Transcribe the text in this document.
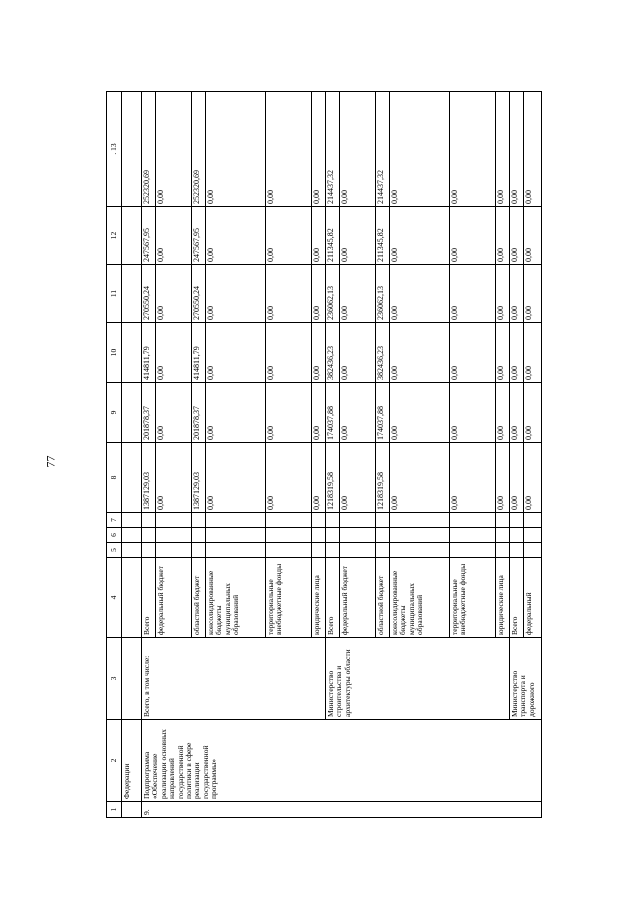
77
1	2	3	4	5	6	7	8	9	10	11	12	. 13
	Федерации											
9.	Подпрограмма «Обеспечение реализации основных направлений государственной политики в сфере реализации государственной программы»	Всего, в том числе:	Всего				1387129,03	201878,37	414811,79	270550,24	247567,95	252320,69
			федеральный бюджет				0,00	0,00	0,00	0,00	0,00	0,00
			областной бюджет				1387129,03	201878,37	414811,79	270550,24	247567,95	252320,69
			консолидированные бюджеты муниципальных образований				0,00	0,00	0,00	0,00	0,00	0,00
			территориальные внебюджетные фонды				0,00	0,00	0,00	0,00	0,00	0,00
			юридические лица				0,00	0,00	0,00	0,00	0,00	0,00
		Министерство строительства и архитектуры области	Всего				1218319,58	174037,88	382436,23	236062,13	211345,82	214437,32
			федеральный бюджет				0,00	0,00	0,00	0,00	0,00	0,00
			областной бюджет				1218319,58	174037,88	382436,23	236062,13	211345,82	214437,32
			консолидированные бюджеты муниципальных образований				0,00	0,00	0,00	0,00	0,00	0,00
			территориальные внебюджетные фонды				0,00	0,00	0,00	0,00	0,00	0,00
			юридические лица				0,00	0,00	0,00	0,00	0,00	0,00
		Министерство транспорта и дорожного	Всего				0,00	0,00	0,00	0,00	0,00	0,00
			федеральный				0,00	0,00	0,00	0,00	0,00	0,00
